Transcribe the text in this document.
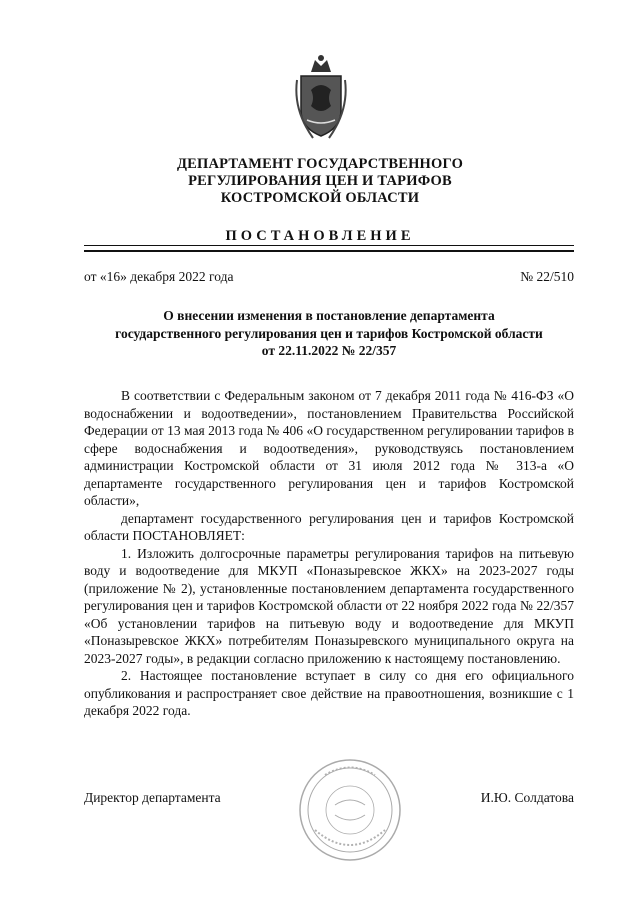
ДЕПАРТАМЕНТ ГОСУДАРСТВЕННОГО
РЕГУЛИРОВАНИЯ ЦЕН И ТАРИФОВ
КОСТРОМСКОЙ ОБЛАСТИ
ПОСТАНОВЛЕНИЕ
от «16» декабря 2022 года	№ 22/510
О внесении изменения в постановление департамента
государственного регулирования цен и тарифов Костромской области
от 22.11.2022 № 22/357

В соответствии с Федеральным законом от 7 декабря 2011 года № 416-ФЗ «О водоснабжении и водоотведении», постановлением Правительства Российской Федерации от 13 мая 2013 года № 406 «О государственном регулировании тарифов в сфере водоснабжения и водоотведения», руководствуясь постановлением администрации Костромской области от 31 июля 2012 года № 313-а «О департаменте государственного регулирования цен и тарифов Костромской области»,

департамент государственного регулирования цен и тарифов Костромской области ПОСТАНОВЛЯЕТ:

1. Изложить долгосрочные параметры регулирования тарифов на питьевую воду и водоотведение для МКУП «Поназыревское ЖКХ» на 2023-2027 годы (приложение № 2), установленные постановлением департамента государственного регулирования цен и тарифов Костромской области от 22 ноября 2022 года № 22/357 «Об установлении тарифов на питьевую воду и водоотведение для МКУП «Поназыревское ЖКХ» потребителям Поназыревского муниципального округа на 2023-2027 годы», в редакции согласно приложению к настоящему постановлению.

2. Настоящее постановление вступает в силу со дня его официального опубликования и распространяет свое действие на правоотношения, возникшие с 1 декабря 2022 года.

Директор департамента	И.Ю. Солдатова
